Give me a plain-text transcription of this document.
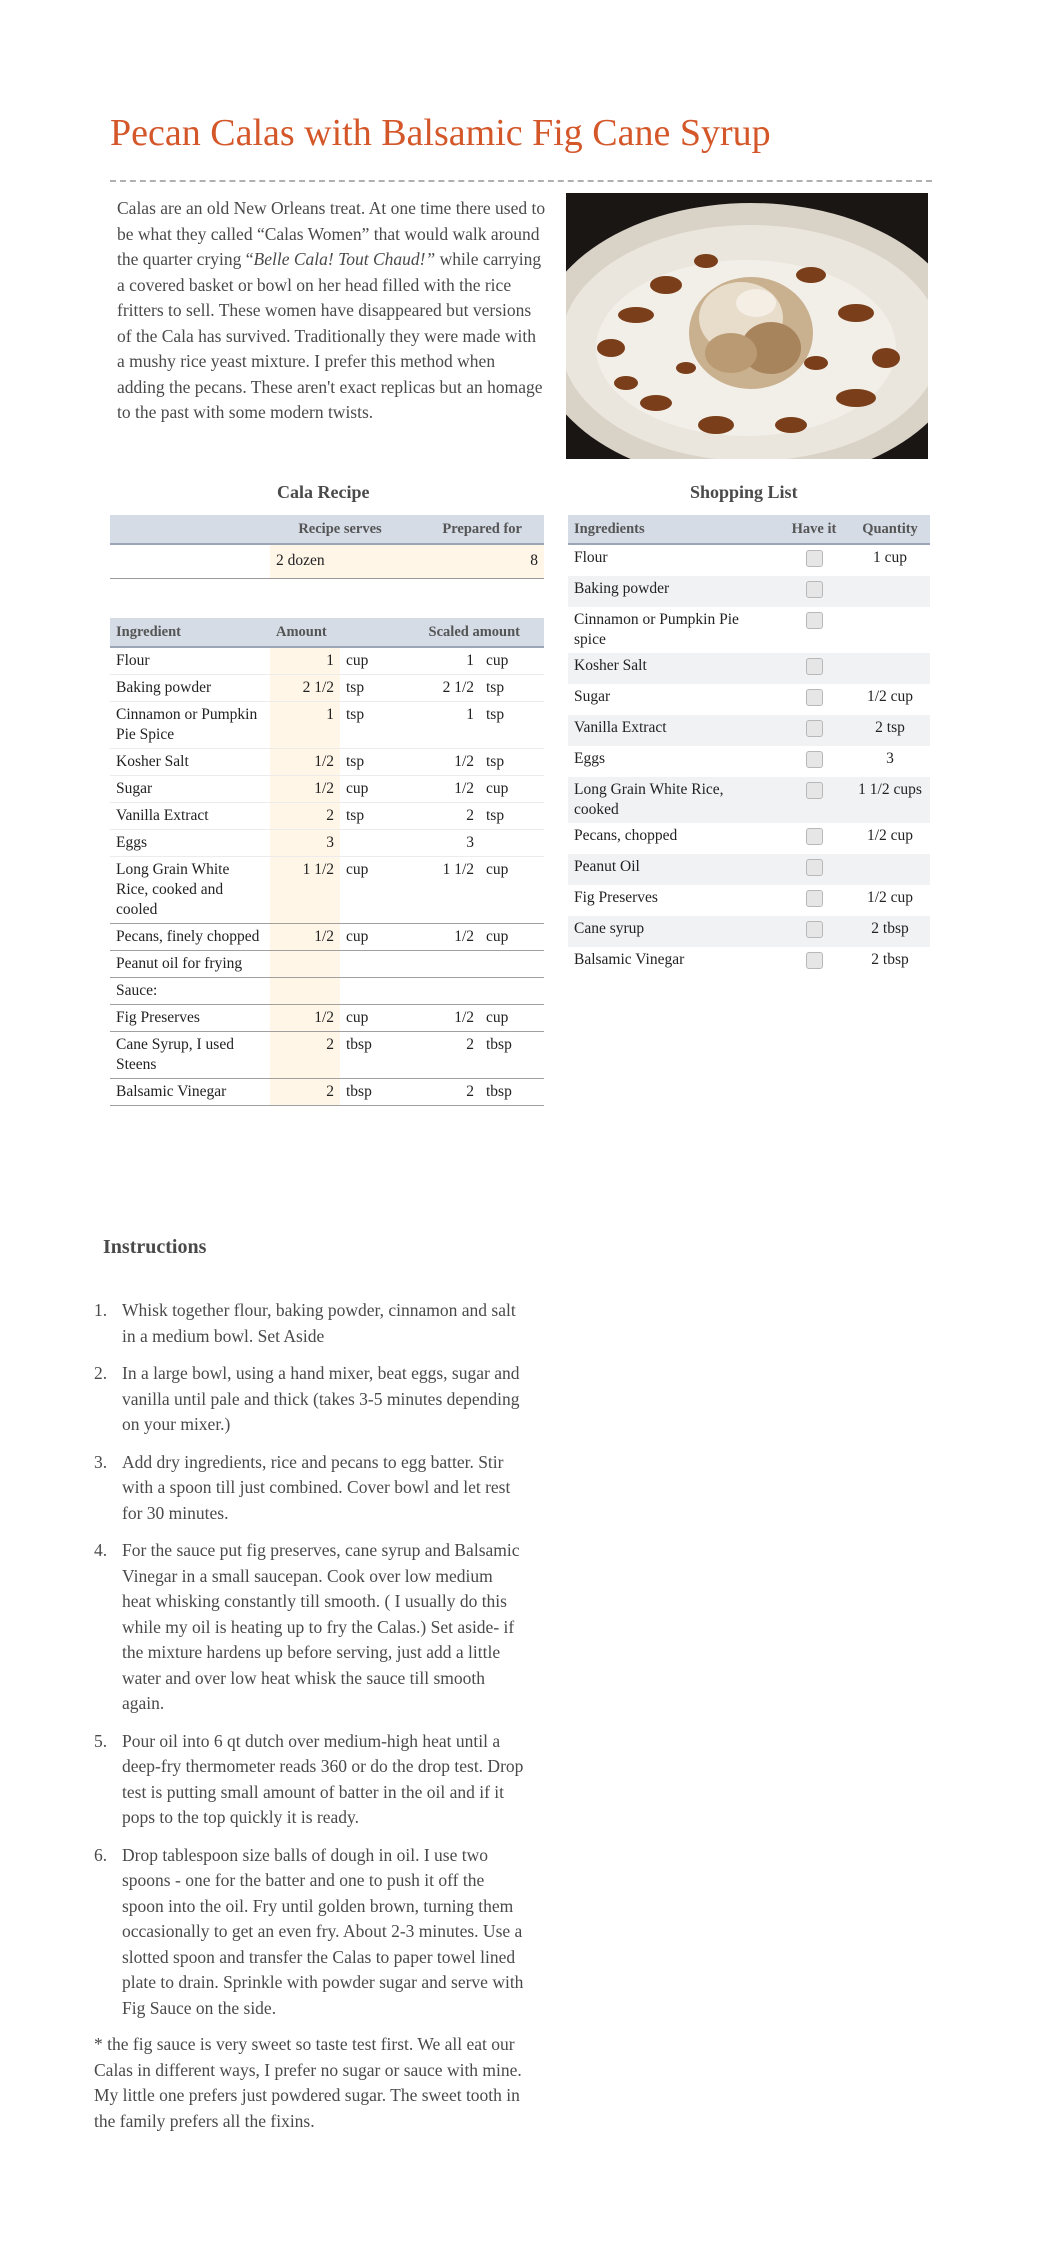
Pecan Calas with Balsamic Fig Cane Syrup

Calas are an old New Orleans treat. At one time there used to be what they called “Calas Women” that would walk around the quarter crying “Belle Cala! Tout Chaud!” while carrying a covered basket or bowl on her head filled with the rice fritters to sell. These women have disappeared but versions of the Cala has survived. Traditionally they were made with a mushy rice yeast mixture. I prefer this method when adding the pecans. These aren't exact replicas but an homage to the past with some modern twists.

Cala Recipe	Shopping List
	Recipe serves	Prepared for
	2 dozen	8
Ingredient	Amount		Scaled amount	
Flour	1	cup	1	cup
Baking powder	2 1/2	tsp	2 1/2	tsp
Cinnamon or Pumpkin Pie Spice	1	tsp	1	tsp
Kosher Salt	1/2	tsp	1/2	tsp
Sugar	1/2	cup	1/2	cup
Vanilla Extract	2	tsp	2	tsp
Eggs	3		3	
Long Grain White Rice, cooked and cooled	1 1/2	cup	1 1/2	cup
Pecans, finely chopped	1/2	cup	1/2	cup
Peanut oil for frying				
Sauce:				
Fig Preserves	1/2	cup	1/2	cup
Cane Syrup, I used Steens	2	tbsp	2	tbsp
Balsamic Vinegar	2	tbsp	2	tbsp
Ingredients	Have it	Quantity
Flour		1 cup
Baking powder		
Cinnamon or Pumpkin Pie spice		
Kosher Salt		
Sugar		1/2 cup
Vanilla Extract		2 tsp
Eggs		3
Long Grain White Rice, cooked		1 1/2 cups
Pecans, chopped		1/2 cup
Peanut Oil		
Fig Preserves		1/2 cup
Cane syrup		2 tbsp
Balsamic Vinegar		2 tbsp
Instructions
1. Whisk together flour, baking powder, cinnamon and salt in a medium bowl. Set Aside
2. In a large bowl, using a hand mixer, beat eggs, sugar and vanilla until pale and thick (takes 3-5 minutes depending on your mixer.)
3. Add dry ingredients, rice and pecans to egg batter. Stir with a spoon till just combined. Cover bowl and let rest for 30 minutes.
4. For the sauce put fig preserves, cane syrup and Balsamic Vinegar in a small saucepan. Cook over low medium heat whisking constantly till smooth. ( I usually do this while my oil is heating up to fry the Calas.) Set aside- if the mixture hardens up before serving, just add a little water and over low heat whisk the sauce till smooth again.
5. Pour oil into 6 qt dutch over medium-high heat until a deep-fry thermometer reads 360 or do the drop test. Drop test is putting small amount of batter in the oil and if it pops to the top quickly it is ready.
6. Drop tablespoon size balls of dough in oil. I use two spoons - one for the batter and one to push it off the spoon into the oil. Fry until golden brown, turning them occasionally to get an even fry. About 2-3 minutes. Use a slotted spoon and transfer the Calas to paper towel lined plate to drain. Sprinkle with powder sugar and serve with Fig Sauce on the side.

* the fig sauce is very sweet so taste test first. We all eat our Calas in different ways, I prefer no sugar or sauce with mine. My little one prefers just powdered sugar. The sweet tooth in the family prefers all the fixins.
